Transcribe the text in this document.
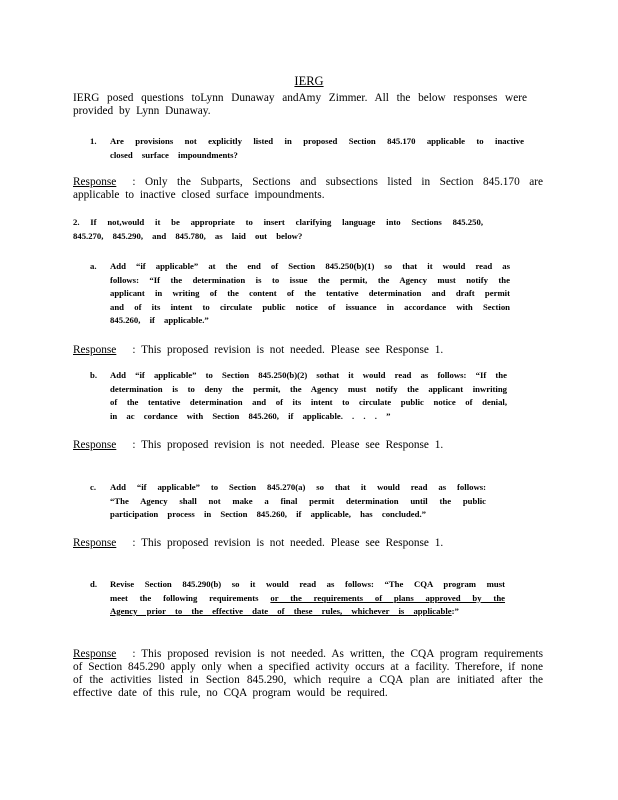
IERG

IERG posed questions toLynn Dunaway andAmy Zimmer. All the below responses were provided by Lynn Dunaway.

1.	Are provisions not explicitly listed in proposed Section 845.170 applicable to inactive closed surface impoundments?

Response : Only the Subparts, Sections and subsections listed in Section 845.170 are applicable to inactive closed surface impoundments.

2. If not,would it be appropriate to insert clarifying language into Sections 845.250, 845.270, 845.290, and 845.780, as laid out below?

a.	Add “if applicable” at the end of Section 845.250(b)(1) so that it would read as follows: “If the determination is to issue the permit, the Agency must notify the applicant in writing of the content of the tentative determination and draft permit and of its intent to circulate public notice of issuance in accordance with Section 845.260, if applicable.”

Response : This proposed revision is not needed. Please see Response 1.

b.	Add “if applicable” to Section 845.250(b)(2) sothat it would read as follows: “If the determination is to deny the permit, the Agency must notify the applicant inwriting of the tentative determination and of its intent to circulate public notice of denial, in ac cordance with Section 845.260, if applicable. . . . ”

Response : This proposed revision is not needed. Please see Response 1.

c.	Add “if applicable” to Section 845.270(a) so that it would read as follows: “The Agency shall not make a final permit determination until the public participation process in Section 845.260, if applicable, has concluded.”

Response : This proposed revision is not needed. Please see Response 1.

d.	Revise Section 845.290(b) so it would read as follows: “The CQA program must meet the following requirements or the requirements of plans approved by the Agency prior to the effective date of these rules, whichever is applicable:”

Response : This proposed revision is not needed. As written, the CQA program requirements of Section 845.290 apply only when a specified activity occurs at a facility. Therefore, if none of the activities listed in Section 845.290, which require a CQA plan are initiated after the effective date of this rule, no CQA program would be required.
